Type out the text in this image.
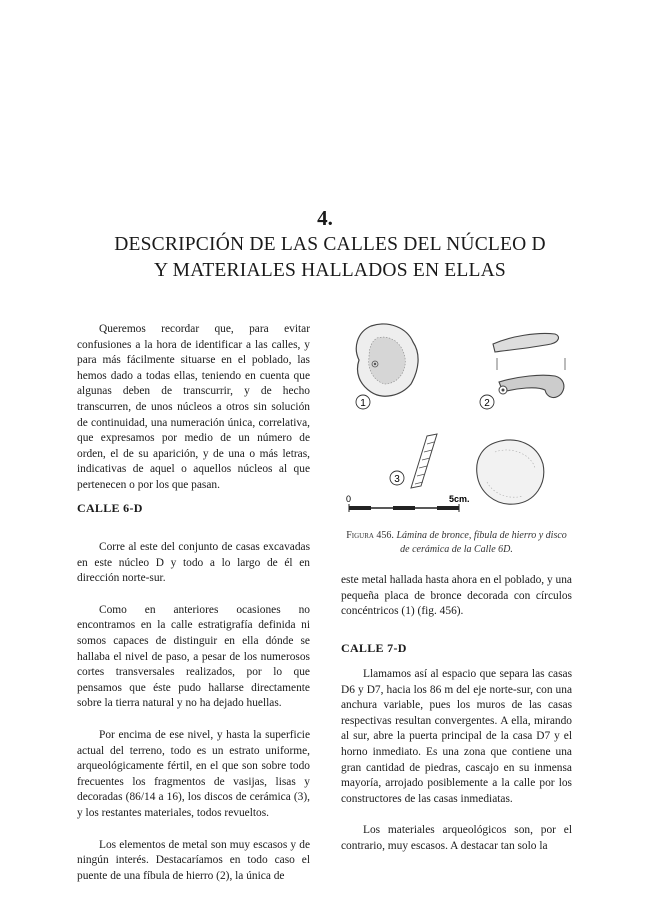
4.
DESCRIPCIÓN DE LAS CALLES DEL NÚCLEO D
Y MATERIALES HALLADOS EN ELLAS

Queremos recordar que, para evitar confusiones a la hora de identificar a las calles, y para más fácilmente situarse en el poblado, las hemos dado a todas ellas, teniendo en cuenta que algunas deben de transcurrir, y de hecho transcurren, de unos núcleos a otros sin solución de continuidad, una numeración única, correlativa, que expresamos por medio de un número de orden, el de su aparición, y de una o más letras, indicativas de aquel o aquellos núcleos al que pertenecen o por los que pasan.

CALLE 6-D

Corre al este del conjunto de casas excavadas en este núcleo D y todo a lo largo de él en dirección norte-sur.

Como en anteriores ocasiones no encontramos en la calle estratigrafía definida ni somos capaces de distinguir en ella dónde se hallaba el nivel de paso, a pesar de los numerosos cortes transversales realizados, por lo que pensamos que éste pudo hallarse directamente sobre la tierra natural y no ha dejado huellas.

Por encima de ese nivel, y hasta la superficie actual del terreno, todo es un estrato uniforme, arqueológicamente fértil, en el que son sobre todo frecuentes los fragmentos de vasijas, lisas y decoradas (86/14 a 16), los discos de cerámica (3), y los restantes materiales, todos revueltos.

Los elementos de metal son muy escasos y de ningún interés. Destacaríamos en todo caso el puente de una fíbula de hierro (2), la única de

1	2
3
0	5cm.
Figura 456. Lámina de bronce, fíbula de hierro y disco de cerámica de la Calle 6D.

este metal hallada hasta ahora en el poblado, y una pequeña placa de bronce decorada con círculos concéntricos (1) (fig. 456).

CALLE 7-D

Llamamos así al espacio que separa las casas D6 y D7, hacia los 86 m del eje norte-sur, con una anchura variable, pues los muros de las casas respectivas resultan convergentes. A ella, mirando al sur, abre la puerta principal de la casa D7 y el horno inmediato. Es una zona que contiene una gran cantidad de piedras, cascajo en su inmensa mayoría, arrojado posiblemente a la calle por los constructores de las casas inmediatas.

Los materiales arqueológicos son, por el contrario, muy escasos. A destacar tan solo la
